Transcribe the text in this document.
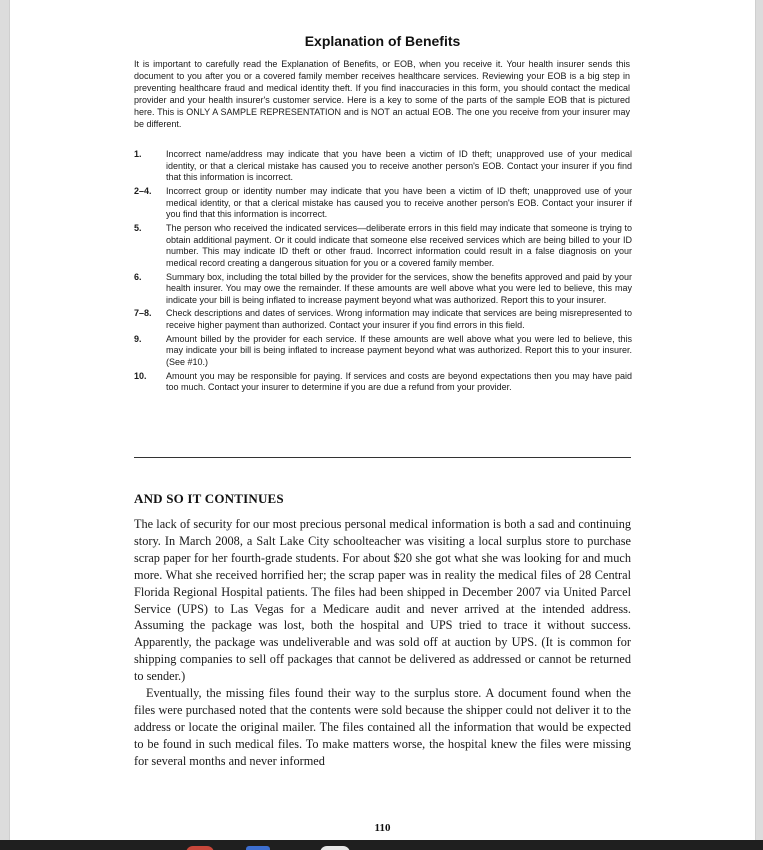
Explanation of Benefits

It is important to carefully read the Explanation of Benefits, or EOB, when you receive it. Your health insurer sends this document to you after you or a covered family member receives healthcare services. Reviewing your EOB is a big step in preventing healthcare fraud and medical identity theft. If you find inaccuracies in this form, you should contact the medical provider and your health insurer's customer service. Here is a key to some of the parts of the sample EOB that is pictured here. This is ONLY A SAMPLE REPRESENTATION and is NOT an actual EOB. The one you receive from your insurer may be different.

1.	Incorrect name/address may indicate that you have been a victim of ID theft; unapproved use of your medical identity, or that a clerical mistake has caused you to receive another person's EOB. Contact your insurer if you find that this information is incorrect.
2–4.	Incorrect group or identity number may indicate that you have been a victim of ID theft; unapproved use of your medical identity, or that a clerical mistake has caused you to receive another person's EOB. Contact your insurer if you find that this information is incorrect.
5.	The person who received the indicated services—deliberate errors in this field may indicate that someone is trying to obtain additional payment. Or it could indicate that someone else received services which are being billed to your ID number. This may indicate ID theft or other fraud. Incorrect information could result in a false diagnosis on your medical record creating a dangerous situation for you or a covered family member.
6.	Summary box, including the total billed by the provider for the services, show the benefits approved and paid by your health insurer. You may owe the remainder. If these amounts are well above what you were led to believe, this may indicate your bill is being inflated to increase payment beyond what was authorized. Report this to your insurer.
7–8.	Check descriptions and dates of services. Wrong information may indicate that services are being misrepresented to receive higher payment than authorized. Contact your insurer if you find errors in this field.
9.	Amount billed by the provider for each service. If these amounts are well above what you were led to believe, this may indicate your bill is being inflated to increase payment beyond what was authorized. Report this to your insurer. (See #10.)
10.	Amount you may be responsible for paying. If services and costs are beyond expectations then you may have paid too much. Contact your insurer to determine if you are due a refund from your provider.
AND SO IT CONTINUES

The lack of security for our most precious personal medical information is both a sad and continuing story. In March 2008, a Salt Lake City schoolteacher was visiting a local surplus store to purchase scrap paper for her fourth-grade students. For about $20 she got what she was looking for and much more. What she received horrified her; the scrap paper was in reality the medical files of 28 Central Florida Regional Hospital patients. The files had been shipped in December 2007 via United Parcel Service (UPS) to Las Vegas for a Medicare audit and never arrived at the intended address. Assuming the package was lost, both the hospital and UPS tried to trace it without success. Apparently, the package was undeliverable and was sold off at auction by UPS. (It is common for shipping companies to sell off packages that cannot be delivered as addressed or cannot be returned to sender.)

Eventually, the missing files found their way to the surplus store. A document found when the files were purchased noted that the contents were sold because the shipper could not deliver it to the address or locate the original mailer. The files contained all the information that would be expected to be found in such medical files. To make matters worse, the hospital knew the files were missing for several months and never informed

110
